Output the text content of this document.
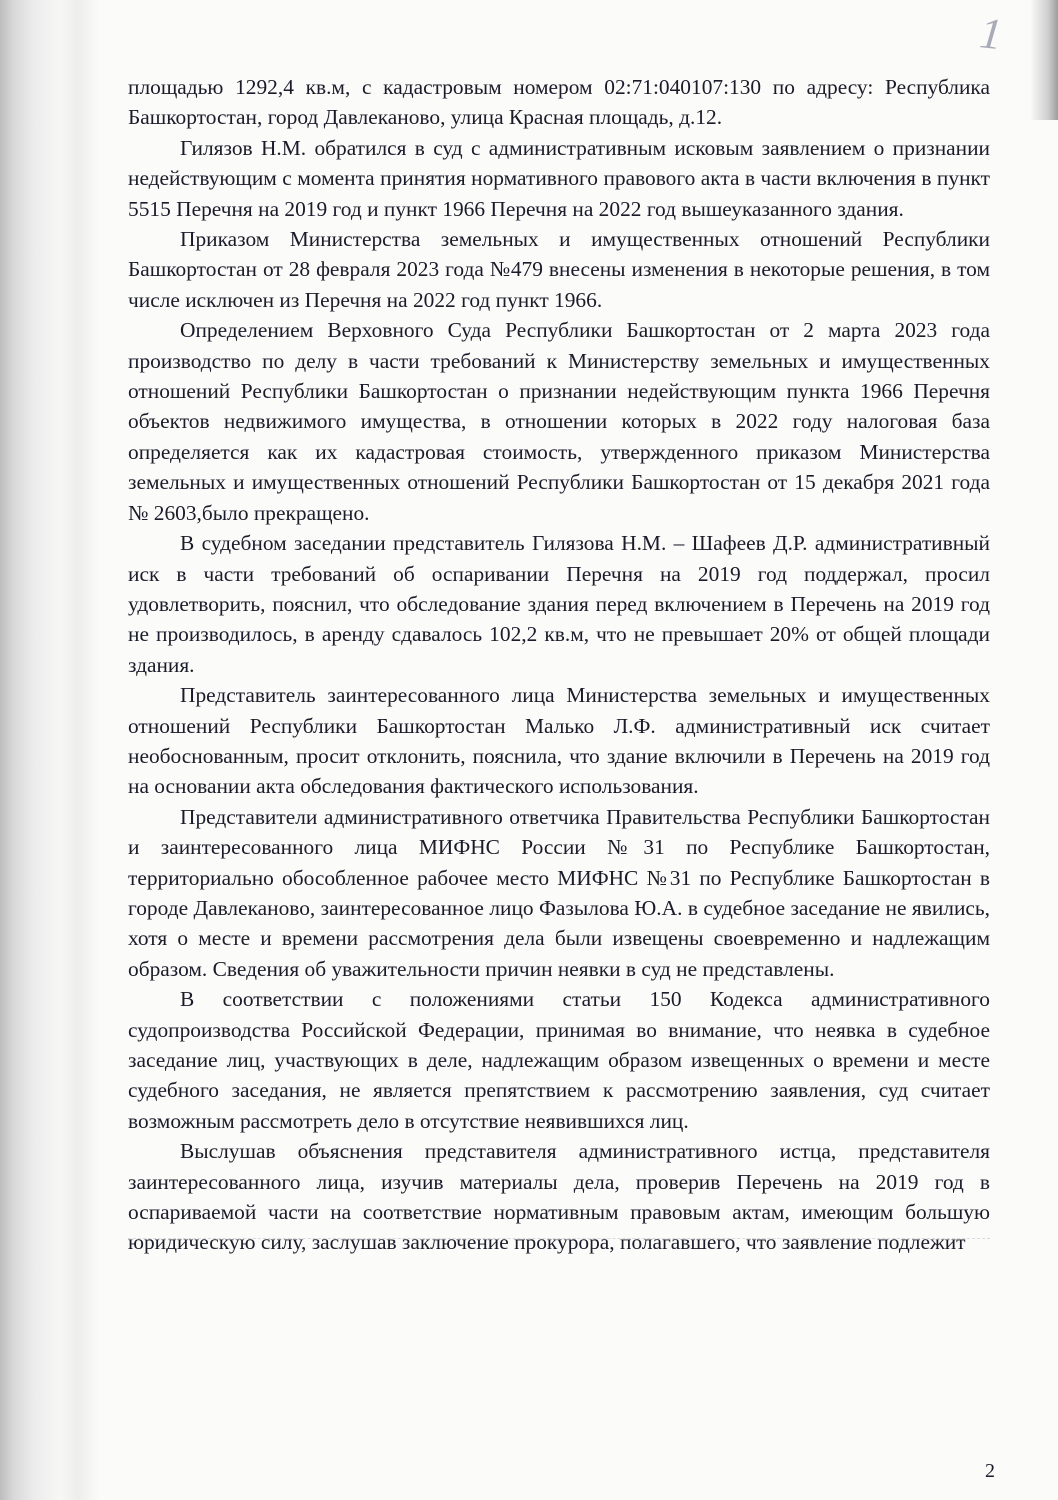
1

площадью 1292,4 кв.м, с кадастровым номером 02:71:040107:130 по адресу: Республика Башкортостан, город Давлеканово, улица Красная площадь, д.12.

Гилязов Н.М. обратился в суд с административным исковым заявлением о признании недействующим с момента принятия нормативного правового акта в части включения в пункт 5515 Перечня на 2019 год и пункт 1966 Перечня на 2022 год вышеуказанного здания.

Приказом Министерства земельных и имущественных отношений Республики Башкортостан от 28 февраля 2023 года №479 внесены изменения в некоторые решения, в том числе исключен из Перечня на 2022 год пункт 1966.

Определением Верховного Суда Республики Башкортостан от 2 марта 2023 года производство по делу в части требований к Министерству земельных и имущественных отношений Республики Башкортостан о признании недействующим пункта 1966 Перечня объектов недвижимого имущества, в отношении которых в 2022 году налоговая база определяется как их кадастровая стоимость, утвержденного приказом Министерства земельных и имущественных отношений Республики Башкортостан от 15 декабря 2021 года № 2603,было прекращено.

В судебном заседании представитель Гилязова Н.М. – Шафеев Д.Р. административный иск в части требований об оспаривании Перечня на 2019 год поддержал, просил удовлетворить, пояснил, что обследование здания перед включением в Перечень на 2019 год не производилось, в аренду сдавалось 102,2 кв.м, что не превышает 20% от общей площади здания.

Представитель заинтересованного лица Министерства земельных и имущественных отношений Республики Башкортостан Малько Л.Ф. административный иск считает необоснованным, просит отклонить, пояснила, что здание включили в Перечень на 2019 год на основании акта обследования фактического использования.

Представители административного ответчика Правительства Республики Башкортостан и заинтересованного лица МИФНС России №31 по Республике Башкортостан, территориально обособленное рабочее место МИФНС №31 по Республике Башкортостан в городе Давлеканово, заинтересованное лицо Фазылова Ю.А. в судебное заседание не явились, хотя о месте и времени рассмотрения дела были извещены своевременно и надлежащим образом. Сведения об уважительности причин неявки в суд не представлены.

В соответствии с положениями статьи 150 Кодекса административного судопроизводства Российской Федерации, принимая во внимание, что неявка в судебное заседание лиц, участвующих в деле, надлежащим образом извещенных о времени и месте судебного заседания, не является препятствием к рассмотрению заявления, суд считает возможным рассмотреть дело в отсутствие неявившихся лиц.

Выслушав объяснения представителя административного истца, представителя заинтересованного лица, изучив материалы дела, проверив Перечень на 2019 год в оспариваемой части на соответствие нормативным правовым актам, имеющим большую юридическую силу, заслушав заключение прокурора, полагавшего, что заявление подлежит

2
